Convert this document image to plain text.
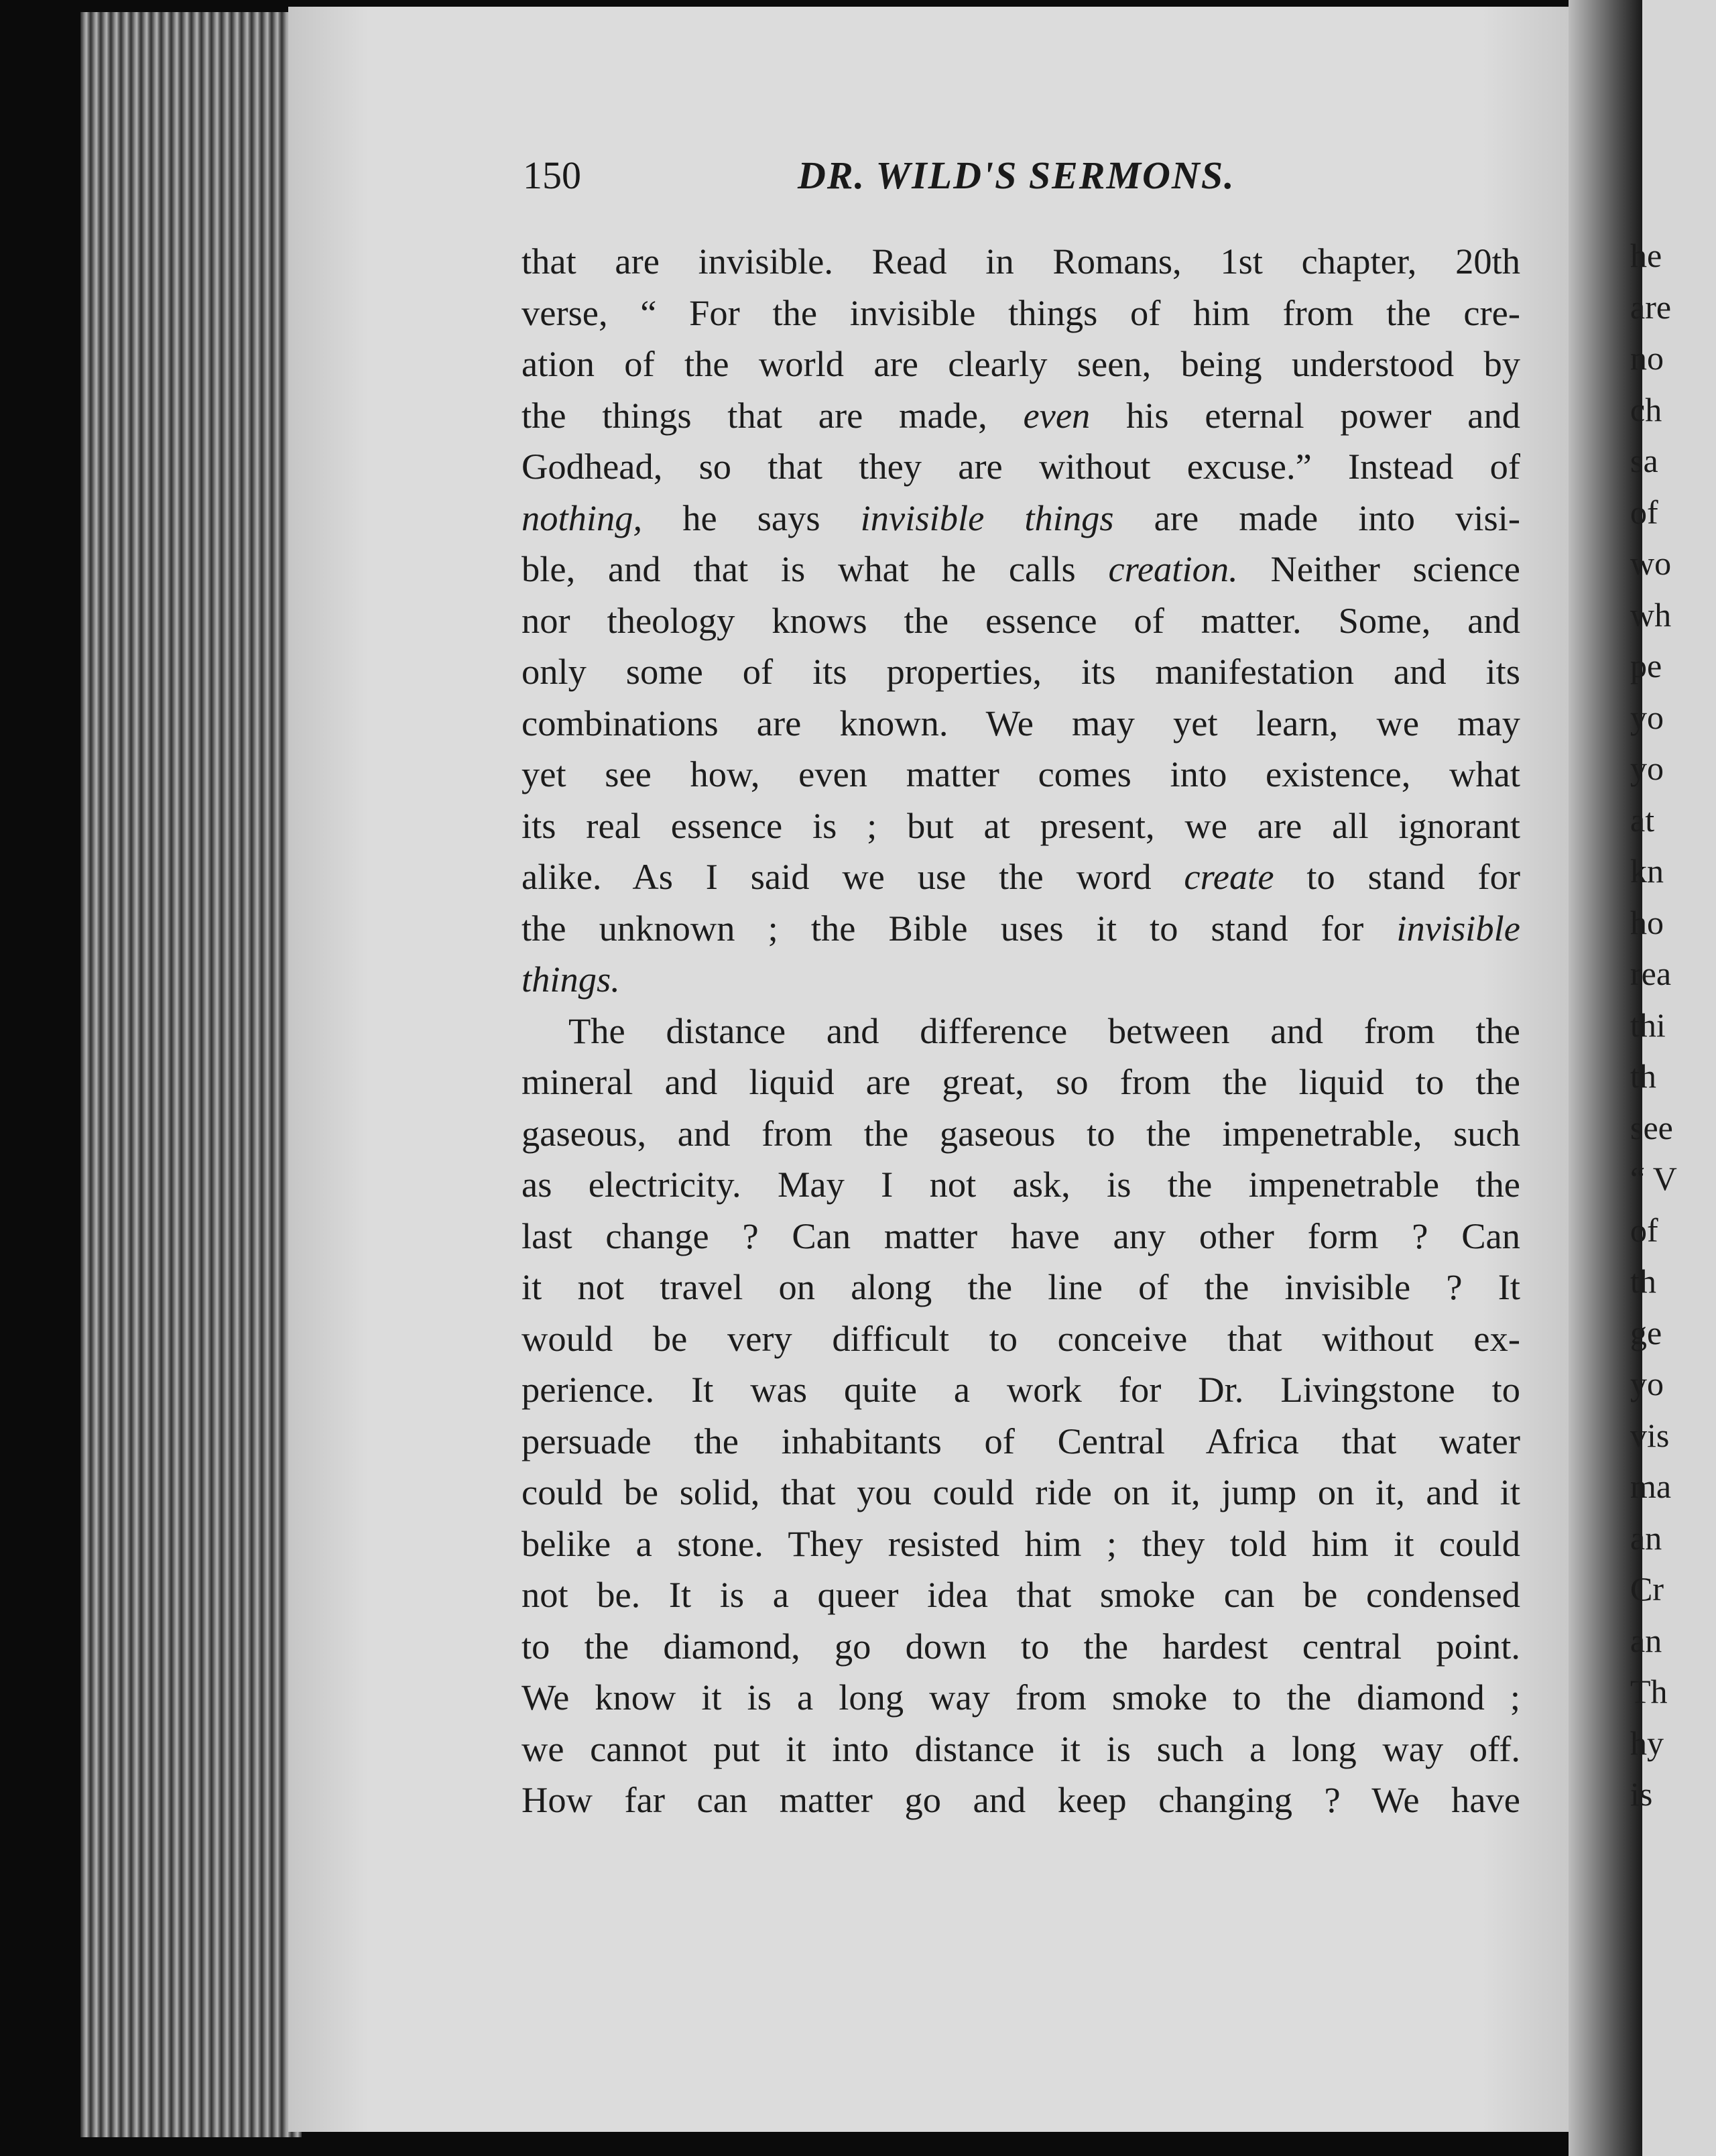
150	DR. WILD'S SERMONS.
that are invisible. Read in Romans, 1st chapter, 20th
verse, “ For the invisible things of him from the cre-
ation of the world are clearly seen, being understood by
the things that are made, even his eternal power and
Godhead, so that they are without excuse.” Instead of
nothing, he says invisible things are made into visi-
ble, and that is what he calls creation. Neither science
nor theology knows the essence of matter. Some, and
only some of its properties, its manifestation and its
combinations are known. We may yet learn, we may
yet see how, even matter comes into existence, what
its real essence is ; but at present, we are all ignorant
alike. As I said we use the word create to stand for
the unknown ; the Bible uses it to stand for invisible
things.
The distance and difference between and from the
mineral and liquid are great, so from the liquid to the
gaseous, and from the gaseous to the impenetrable, such
as electricity. May I not ask, is the impenetrable the
last change ? Can matter have any other form ? Can
it not travel on along the line of the invisible ? It
would be very difficult to conceive that without ex-
perience. It was quite a work for Dr. Livingstone to
persuade the inhabitants of Central Africa that water
could be solid, that you could ride on it, jump on it, and it
belike a stone. They resisted him ; they told him it could
not be. It is a queer idea that smoke can be condensed
to the diamond, go down to the hardest central point.
We know it is a long way from smoke to the diamond ;
we cannot put it into distance it is such a long way off.
How far can matter go and keep changing ? We have
he
are
no
ch
sa
of
wo
wh
pe
yo
yo
at
kn
ho
rea
thi
th
see
“ V
of
th
ge
yo
vis
ma
an
Cr
an
Th
hy
is
